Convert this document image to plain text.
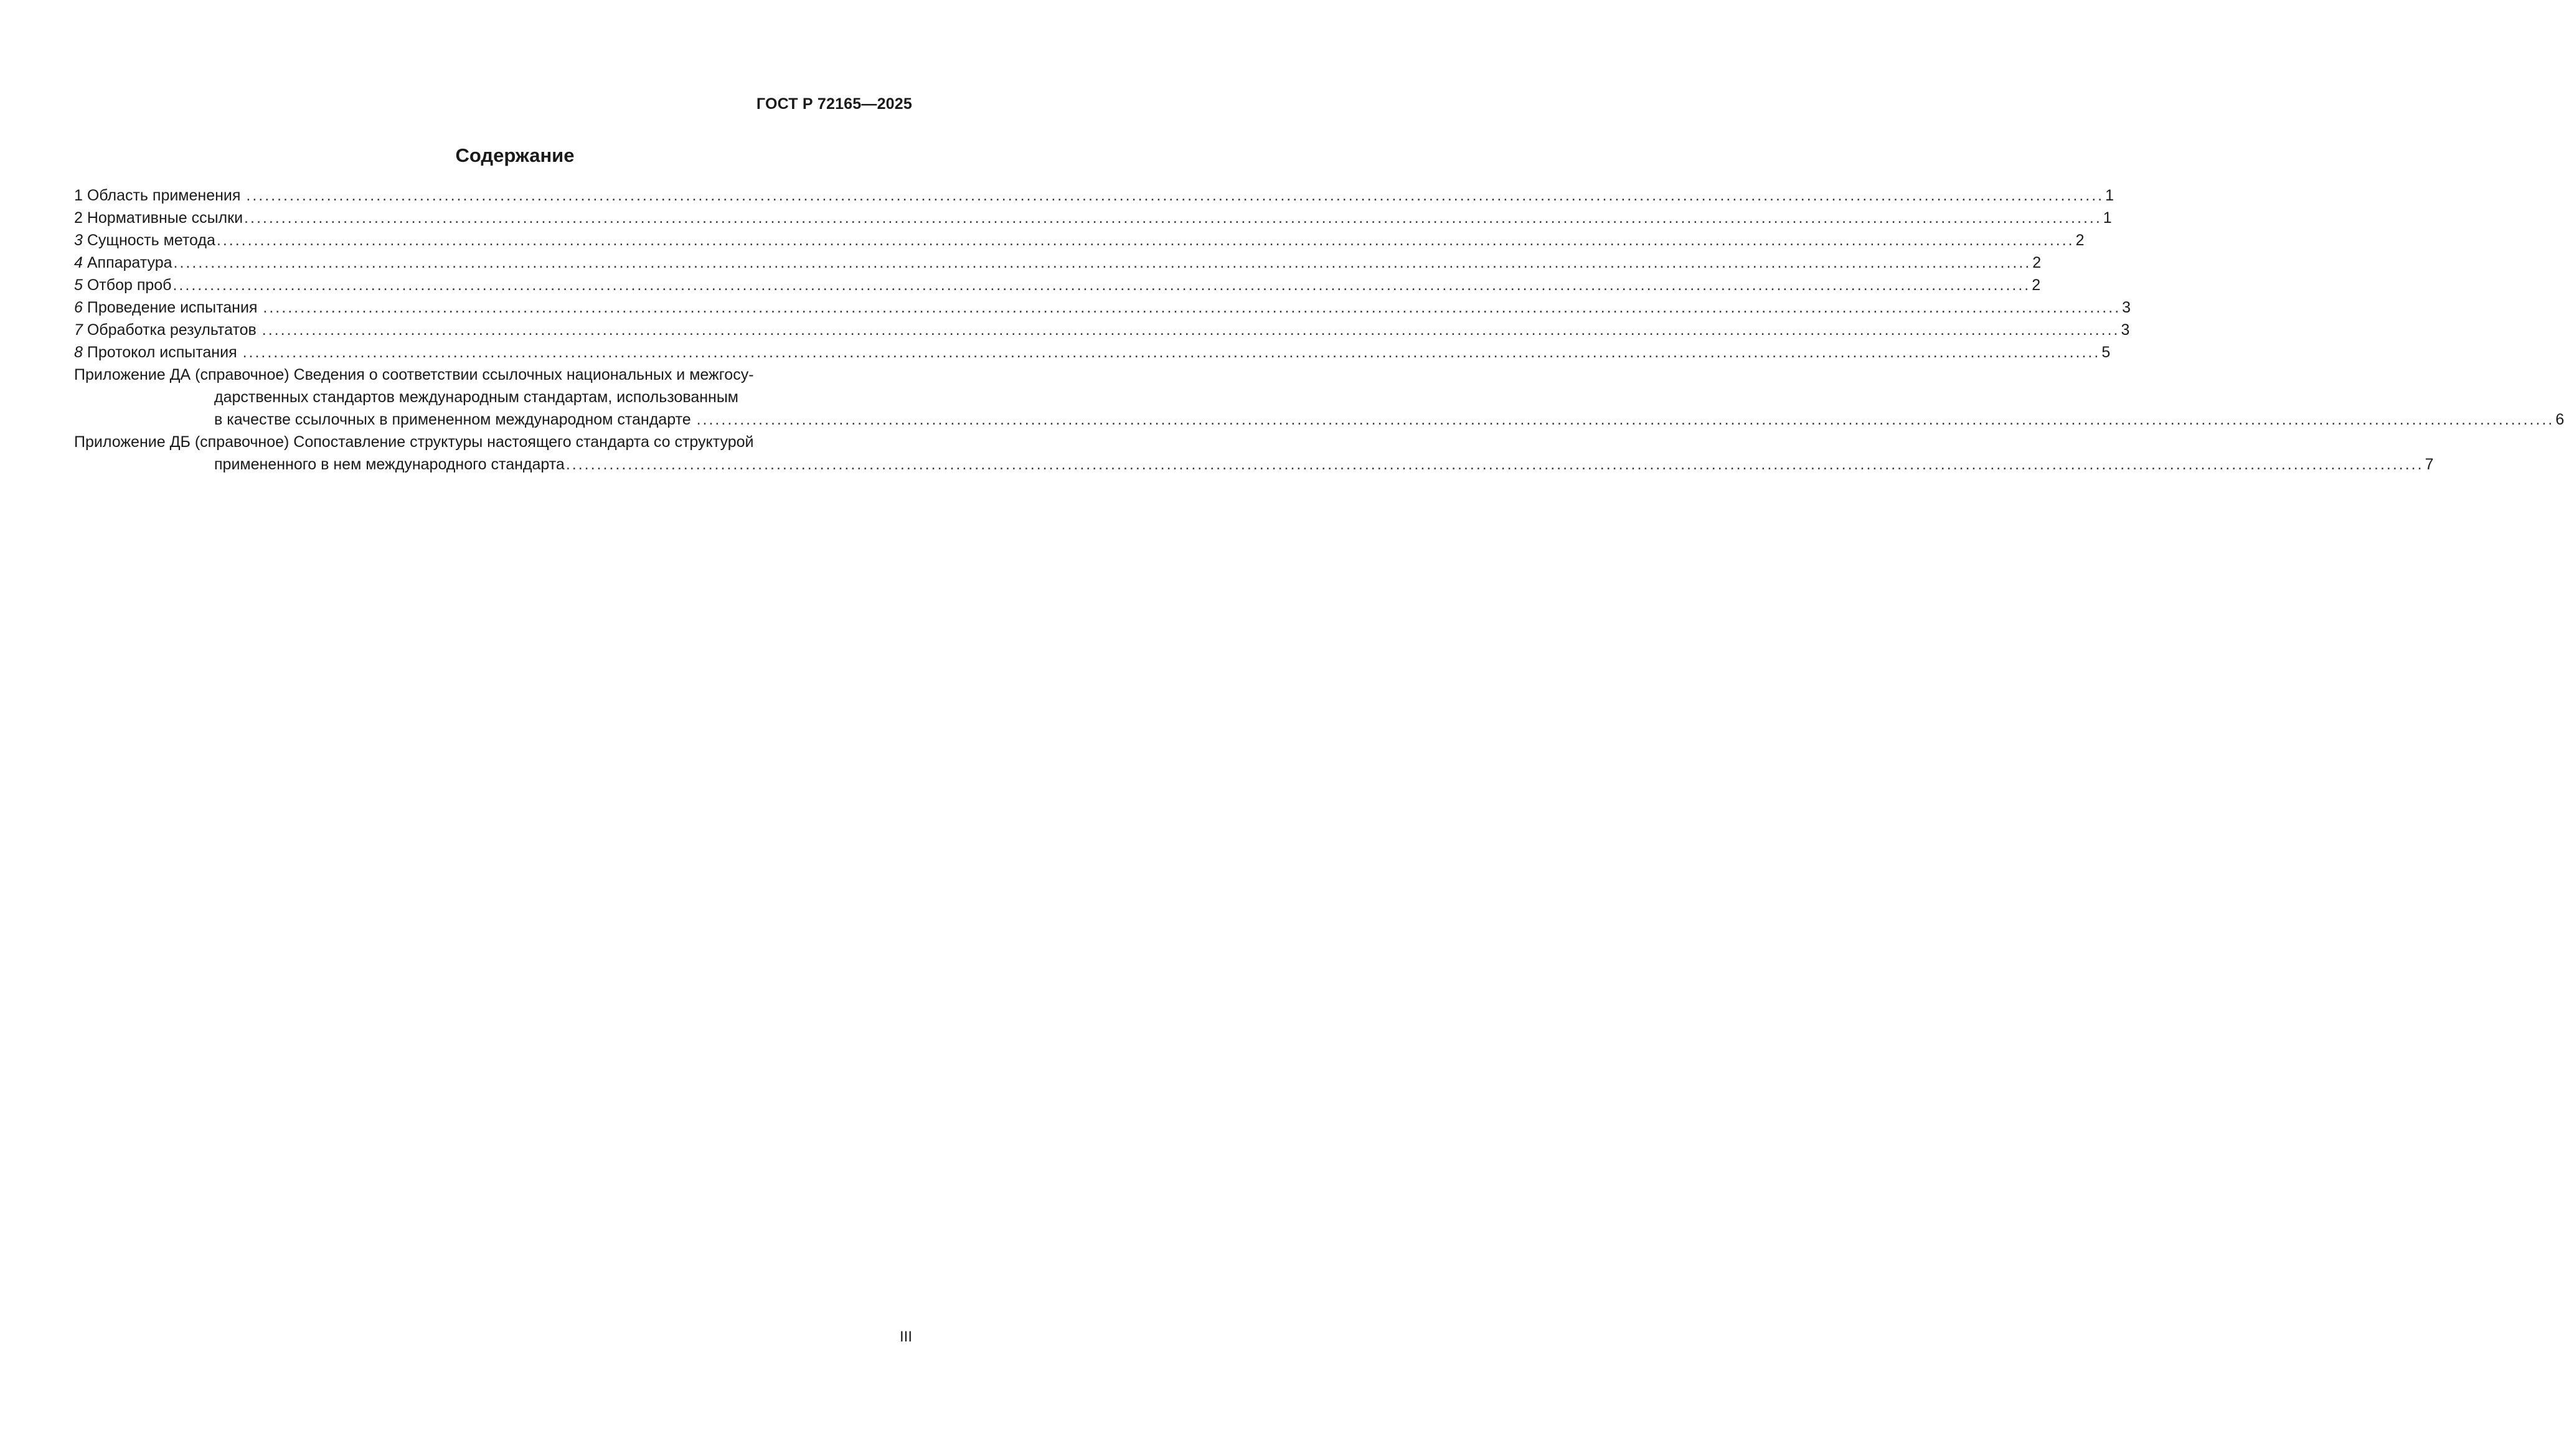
ГОСТ Р 72165—2025
Содержание
1 Область применения ............................................................................................................................................................................................................................................................................................................ 1
2 Нормативные ссылки ............................................................................................................................................................................................................................................................................................................ 1
3 Сущность метода ............................................................................................................................................................................................................................................................................................................ 2
4 Аппаратура ............................................................................................................................................................................................................................................................................................................ 2
5 Отбор проб ............................................................................................................................................................................................................................................................................................................ 2
6 Проведение испытания ............................................................................................................................................................................................................................................................................................................ 3
7 Обработка результатов ............................................................................................................................................................................................................................................................................................................ 3
8 Протокол испытания ............................................................................................................................................................................................................................................................................................................ 5
Приложение ДА (справочное) Сведения о соответствии ссылочных национальных и межгосу-
дарственных стандартов международным стандартам, использованным
в качестве ссылочных в примененном международном стандарте ............................................................................................................................................................................................................................................................................................................ 6
Приложение ДБ (справочное) Сопоставление структуры настоящего стандарта со структурой
примененного в нем международного стандарта ............................................................................................................................................................................................................................................................................................................ 7
III
